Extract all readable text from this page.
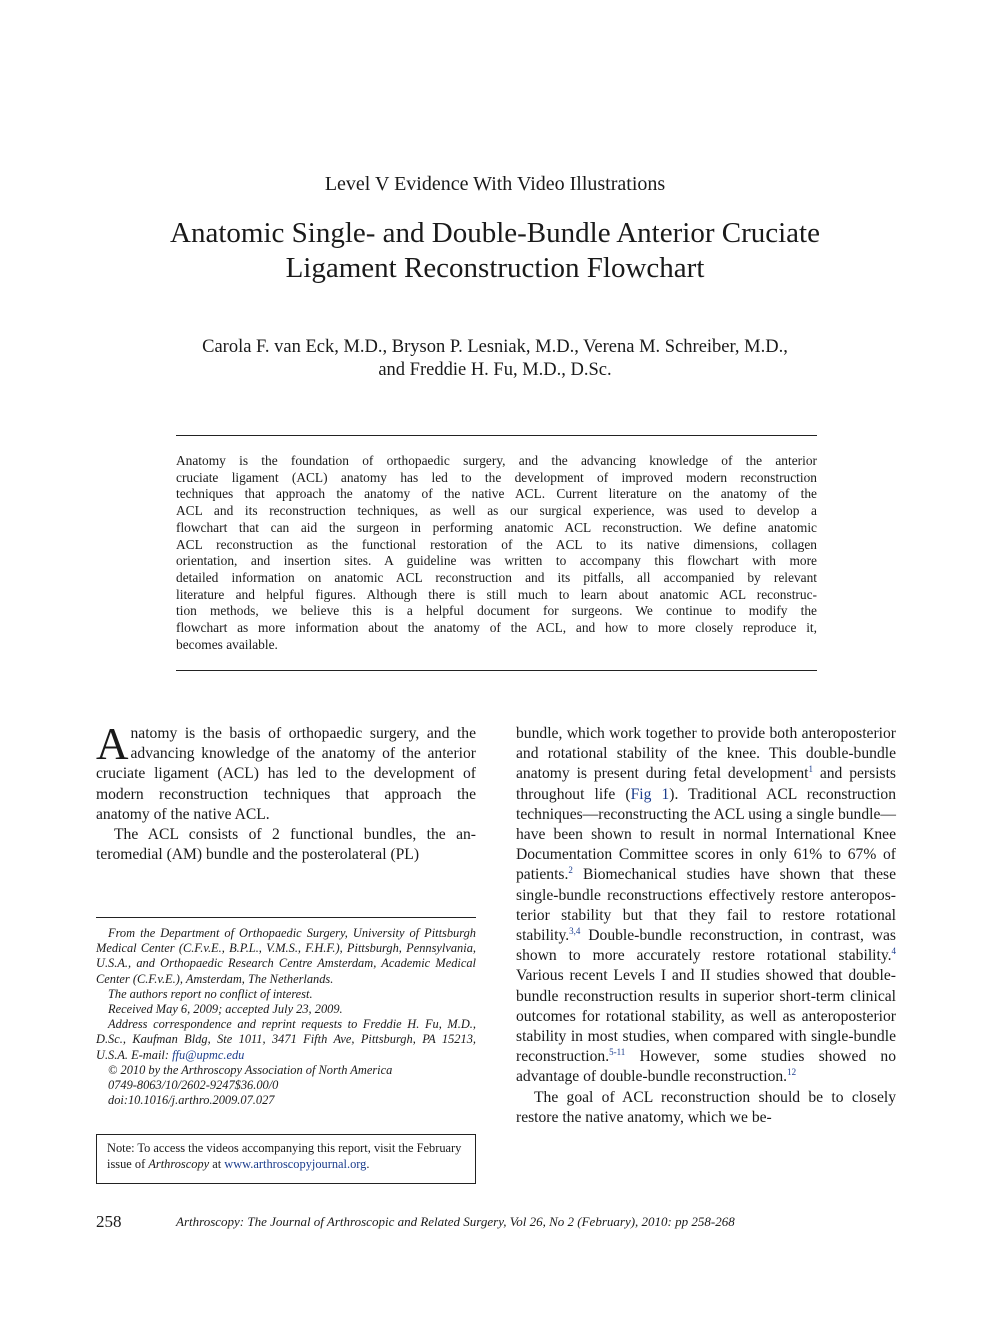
Level V Evidence With Video Illustrations
Anatomic Single- and Double-Bundle Anterior Cruciate
Ligament Reconstruction Flowchart
Carola F. van Eck, M.D., Bryson P. Lesniak, M.D., Verena M. Schreiber, M.D.,
and Freddie H. Fu, M.D., D.Sc.
Anatomy is the foundation of orthopaedic surgery, and the advancing knowledge of the anterior
cruciate ligament (ACL) anatomy has led to the development of improved modern reconstruction
techniques that approach the anatomy of the native ACL. Current literature on the anatomy of the
ACL and its reconstruction techniques, as well as our surgical experience, was used to develop a
flowchart that can aid the surgeon in performing anatomic ACL reconstruction. We define anatomic
ACL reconstruction as the functional restoration of the ACL to its native dimensions, collagen
orientation, and insertion sites. A guideline was written to accompany this flowchart with more
detailed information on anatomic ACL reconstruction and its pitfalls, all accompanied by relevant
literature and helpful figures. Although there is still much to learn about anatomic ACL reconstruc-
tion methods, we believe this is a helpful document for surgeons. We continue to modify the
flowchart as more information about the anatomy of the ACL, and how to more closely reproduce it,
becomes available.

Anatomy is the basis of orthopaedic surgery, and the advancing knowledge of the anatomy of the anterior cruciate ligament (ACL) has led to the development of modern reconstruction techniques that approach the anatomy of the native ACL.

The ACL consists of 2 functional bundles, the anteromedial (AM) bundle and the posterolateral (PL)

From the Department of Orthopaedic Surgery, University of Pittsburgh Medical Center (C.F.v.E., B.P.L., V.M.S., F.H.F.), Pittsburgh, Pennsylvania, U.S.A., and Orthopaedic Research Centre Amsterdam, Academic Medical Center (C.F.v.E.), Amsterdam, The Netherlands.

The authors report no conflict of interest.

Received May 6, 2009; accepted July 23, 2009.

Address correspondence and reprint requests to Freddie H. Fu, M.D., D.Sc., Kaufman Bldg, Ste 1011, 3471 Fifth Ave, Pittsburgh, PA 15213, U.S.A. E-mail: ffu@upmc.edu

© 2010 by the Arthroscopy Association of North America

0749-8063/10/2602-9247$36.00/0

doi:10.1016/j.arthro.2009.07.027

Note: To access the videos accompanying this report, visit the February issue of Arthroscopy at www.arthroscopyjournal.org.

bundle, which work together to provide both anteroposterior and rotational stability of the knee. This double-bundle anatomy is present during fetal development$^1$ and persists throughout life (Fig 1). Traditional ACL reconstruction techniques—reconstructing the ACL using a single bundle—have been shown to result in normal International Knee Documentation Committee scores in only 61% to 67% of patients.$^2$ Biomechanical studies have shown that these single-bundle reconstructions effectively restore anteroposterior stability but that they fail to restore rotational stability.$^{3,4}$ Double-bundle reconstruction, in contrast, was shown to more accurately restore rotational stability.$^4$ Various recent Levels I and II studies showed that double-bundle reconstruction results in superior short-term clinical outcomes for rotational stability, as well as anteroposterior stability in most studies, when compared with single-bundle reconstruction.$^{5-11}$ However, some studies showed no advantage of double-bundle reconstruction.$^{12}$

The goal of ACL reconstruction should be to closely restore the native anatomy, which we be-

258	Arthroscopy: The Journal of Arthroscopic and Related Surgery, Vol 26, No 2 (February), 2010: pp 258-268
